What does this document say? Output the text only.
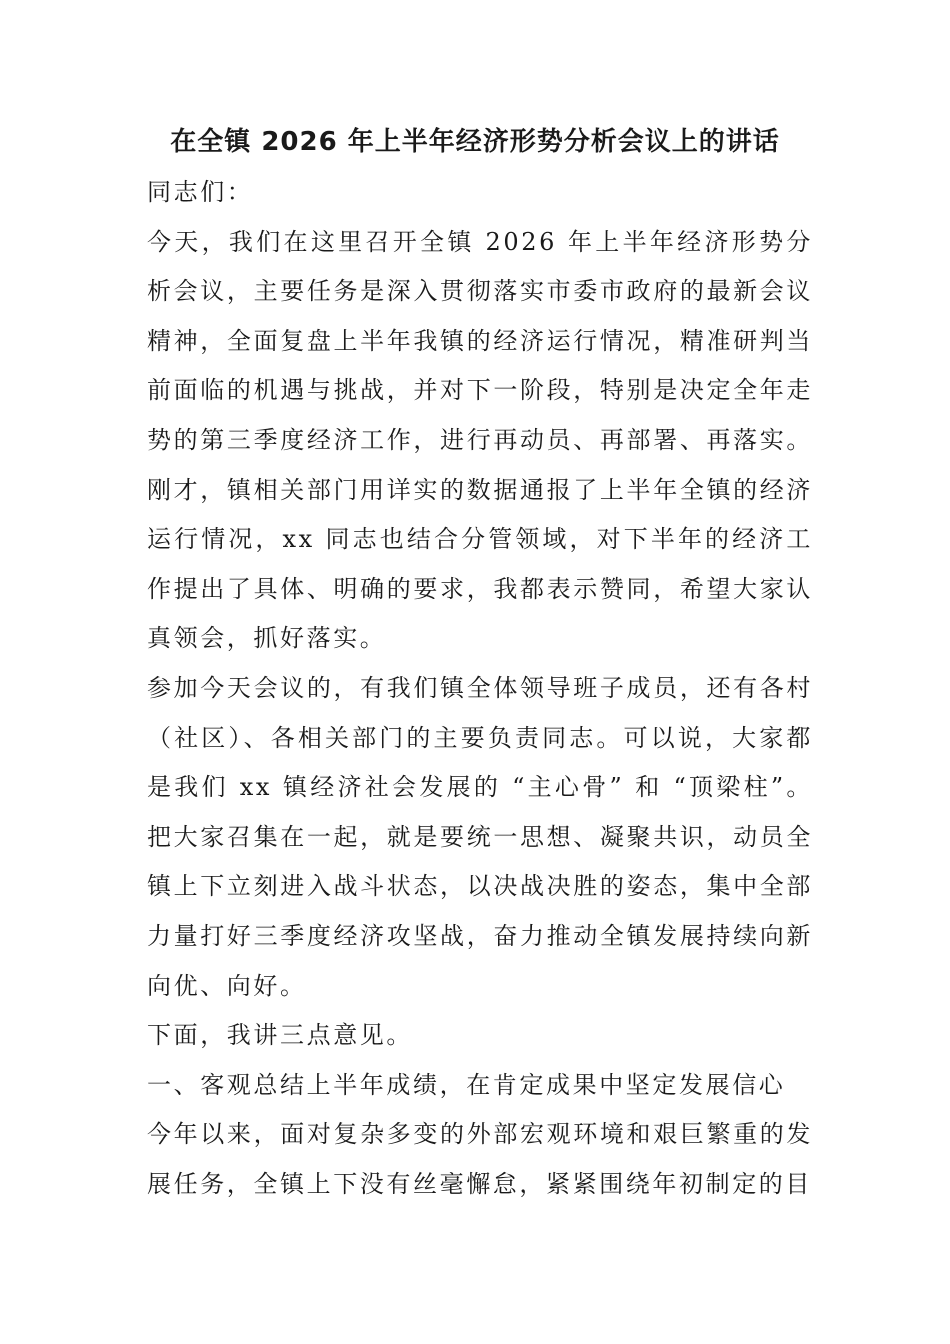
在全镇 2026 年上半年经济形势分析会议上的讲话

同志们：

今天，我们在这里召开全镇 2026 年上半年经济形势分析会议，主要任务是深入贯彻落实市委市政府的最新会议精神，全面复盘上半年我镇的经济运行情况，精准研判当前面临的机遇与挑战，并对下一阶段，特别是决定全年走势的第三季度经济工作，进行再动员、再部署、再落实。刚才，镇相关部门用详实的数据通报了上半年全镇的经济运行情况，xx 同志也结合分管领域，对下半年的经济工作提出了具体、明确的要求，我都表示赞同，希望大家认真领会，抓好落实。

参加今天会议的，有我们镇全体领导班子成员，还有各村（社区）、各相关部门的主要负责同志。可以说，大家都是我们 xx 镇经济社会发展的 “主心骨” 和 “顶梁柱”。把大家召集在一起，就是要统一思想、凝聚共识，动员全镇上下立刻进入战斗状态，以决战决胜的姿态，集中全部力量打好三季度经济攻坚战，奋力推动全镇发展持续向新向优、向好。

下面，我讲三点意见。

一、客观总结上半年成绩，在肯定成果中坚定发展信心

今年以来，面对复杂多变的外部宏观环境和艰巨繁重的发展任务，全镇上下没有丝毫懈怠，紧紧围绕年初制定的目
